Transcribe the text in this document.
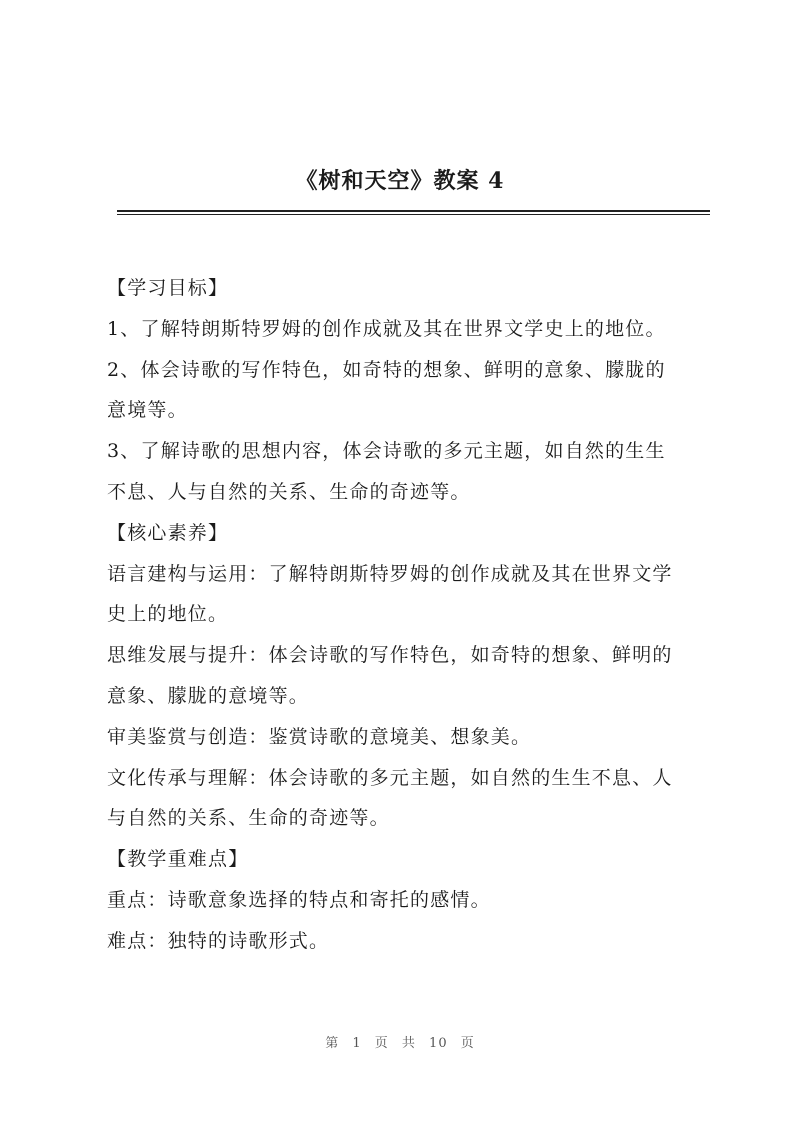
《树和天空》教案 4
【学习目标】
1、了解特朗斯特罗姆的创作成就及其在世界文学史上的地位。
2、体会诗歌的写作特色，如奇特的想象、鲜明的意象、朦胧的
意境等。
3、了解诗歌的思想内容，体会诗歌的多元主题，如自然的生生
不息、人与自然的关系、生命的奇迹等。
【核心素养】
语言建构与运用：了解特朗斯特罗姆的创作成就及其在世界文学
史上的地位。
思维发展与提升：体会诗歌的写作特色，如奇特的想象、鲜明的
意象、朦胧的意境等。
审美鉴赏与创造：鉴赏诗歌的意境美、想象美。
文化传承与理解：体会诗歌的多元主题，如自然的生生不息、人
与自然的关系、生命的奇迹等。
【教学重难点】
重点：诗歌意象选择的特点和寄托的感情。
难点：独特的诗歌形式。
第 1 页 共 10 页
